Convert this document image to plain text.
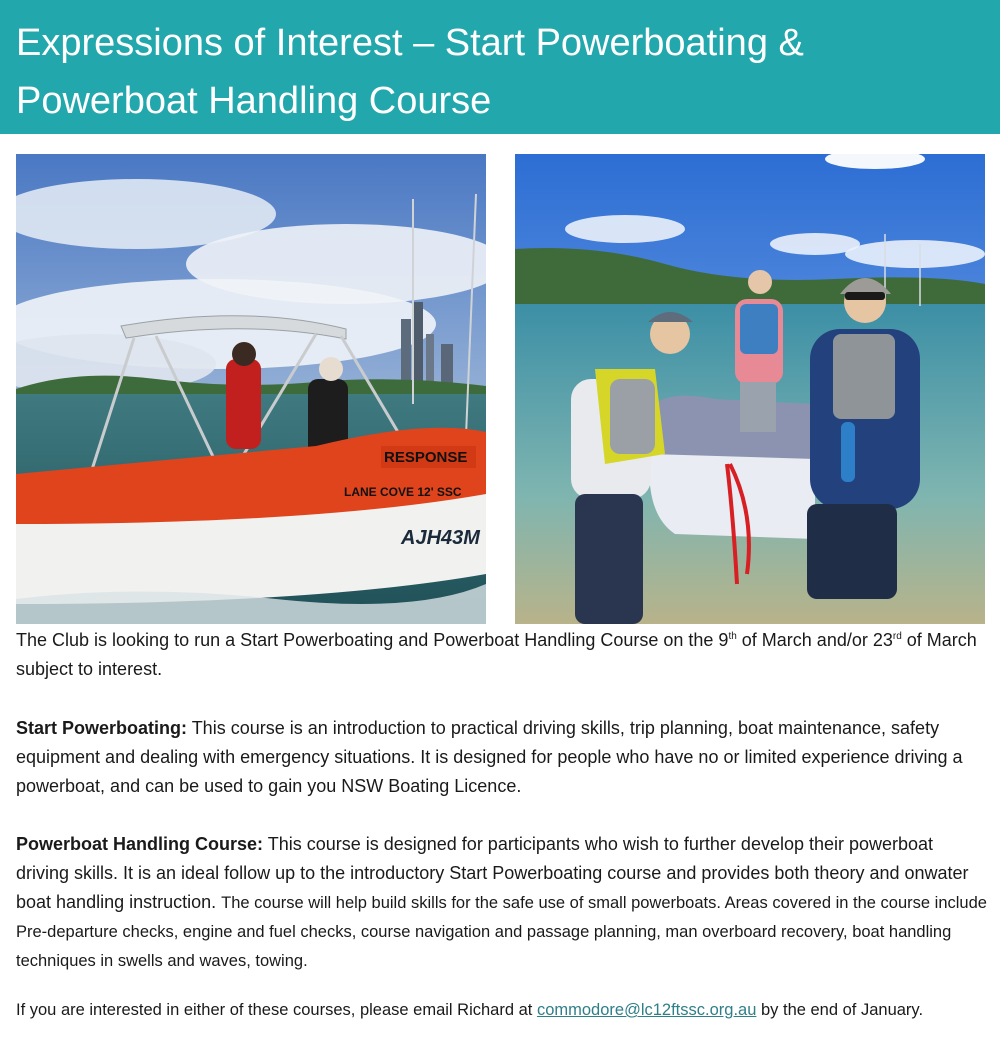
Expressions of Interest – Start Powerboating & Powerboat Handling Course
RESPONSE
LANE COVE 12' SSC
AJH43M

The Club is looking to run a Start Powerboating and Powerboat Handling Course on the 9th of March and/or 23rd of March subject to interest.

Start Powerboating: This course is an introduction to practical driving skills, trip planning, boat maintenance, safety equipment and dealing with emergency situations. It is designed for people who have no or limited experience driving a powerboat, and can be used to gain you NSW Boating Licence.

Powerboat Handling Course: This course is designed for participants who wish to further develop their powerboat driving skills. It is an ideal follow up to the introductory Start Powerboating course and provides both theory and onwater boat handling instruction. The course will help build skills for the safe use of small powerboats. Areas covered in the course include Pre-departure checks, engine and fuel checks, course navigation and passage planning, man overboard recovery, boat handling techniques in swells and waves, towing.

If you are interested in either of these courses, please email Richard at commodore@lc12ftssc.org.au by the end of January.
